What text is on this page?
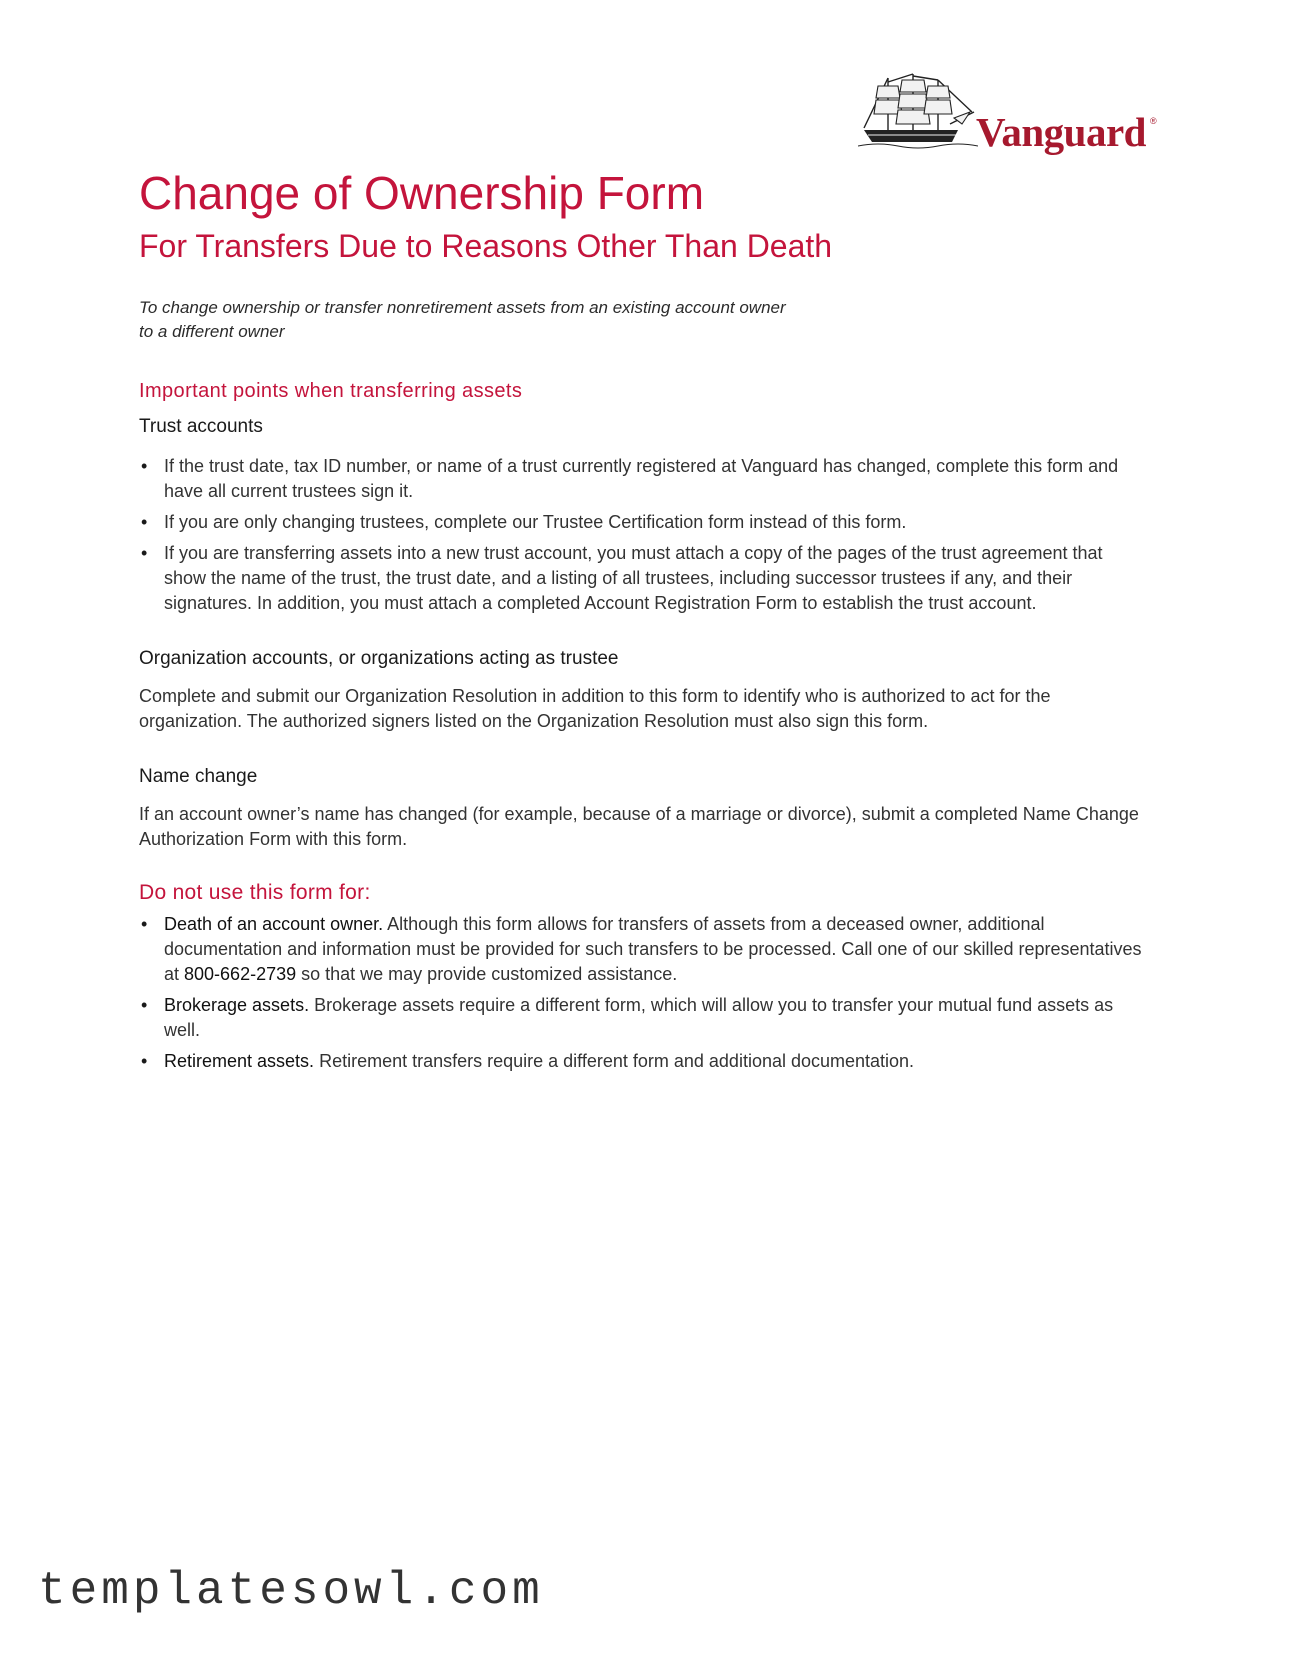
Vanguard ®
Change of Ownership Form
For Transfers Due to Reasons Other Than Death
To change ownership or transfer nonretirement assets from an existing account owner
to a different owner
Important points when transferring assets
Trust accounts
• If the trust date, tax ID number, or name of a trust currently registered at Vanguard has changed, complete this form and have all current trustees sign it.
• If you are only changing trustees, complete our Trustee Certification form instead of this form.
• If you are transferring assets into a new trust account, you must attach a copy of the pages of the trust agreement that show the name of the trust, the trust date, and a listing of all trustees, including successor trustees if any, and their signatures. In addition, you must attach a completed Account Registration Form to establish the trust account.
Organization accounts, or organizations acting as trustee
Complete and submit our Organization Resolution in addition to this form to identify who is authorized to act for the organization. The authorized signers listed on the Organization Resolution must also sign this form.
Name change
If an account owner’s name has changed (for example, because of a marriage or divorce), submit a completed Name Change Authorization Form with this form.
Do not use this form for:
• Death of an account owner. Although this form allows for transfers of assets from a deceased owner, additional documentation and information must be provided for such transfers to be processed. Call one of our skilled representatives at 800-662-2739 so that we may provide customized assistance.
• Brokerage assets. Brokerage assets require a different form, which will allow you to transfer your mutual fund assets as well.
• Retirement assets. Retirement transfers require a different form and additional documentation.
templatesowl.com
